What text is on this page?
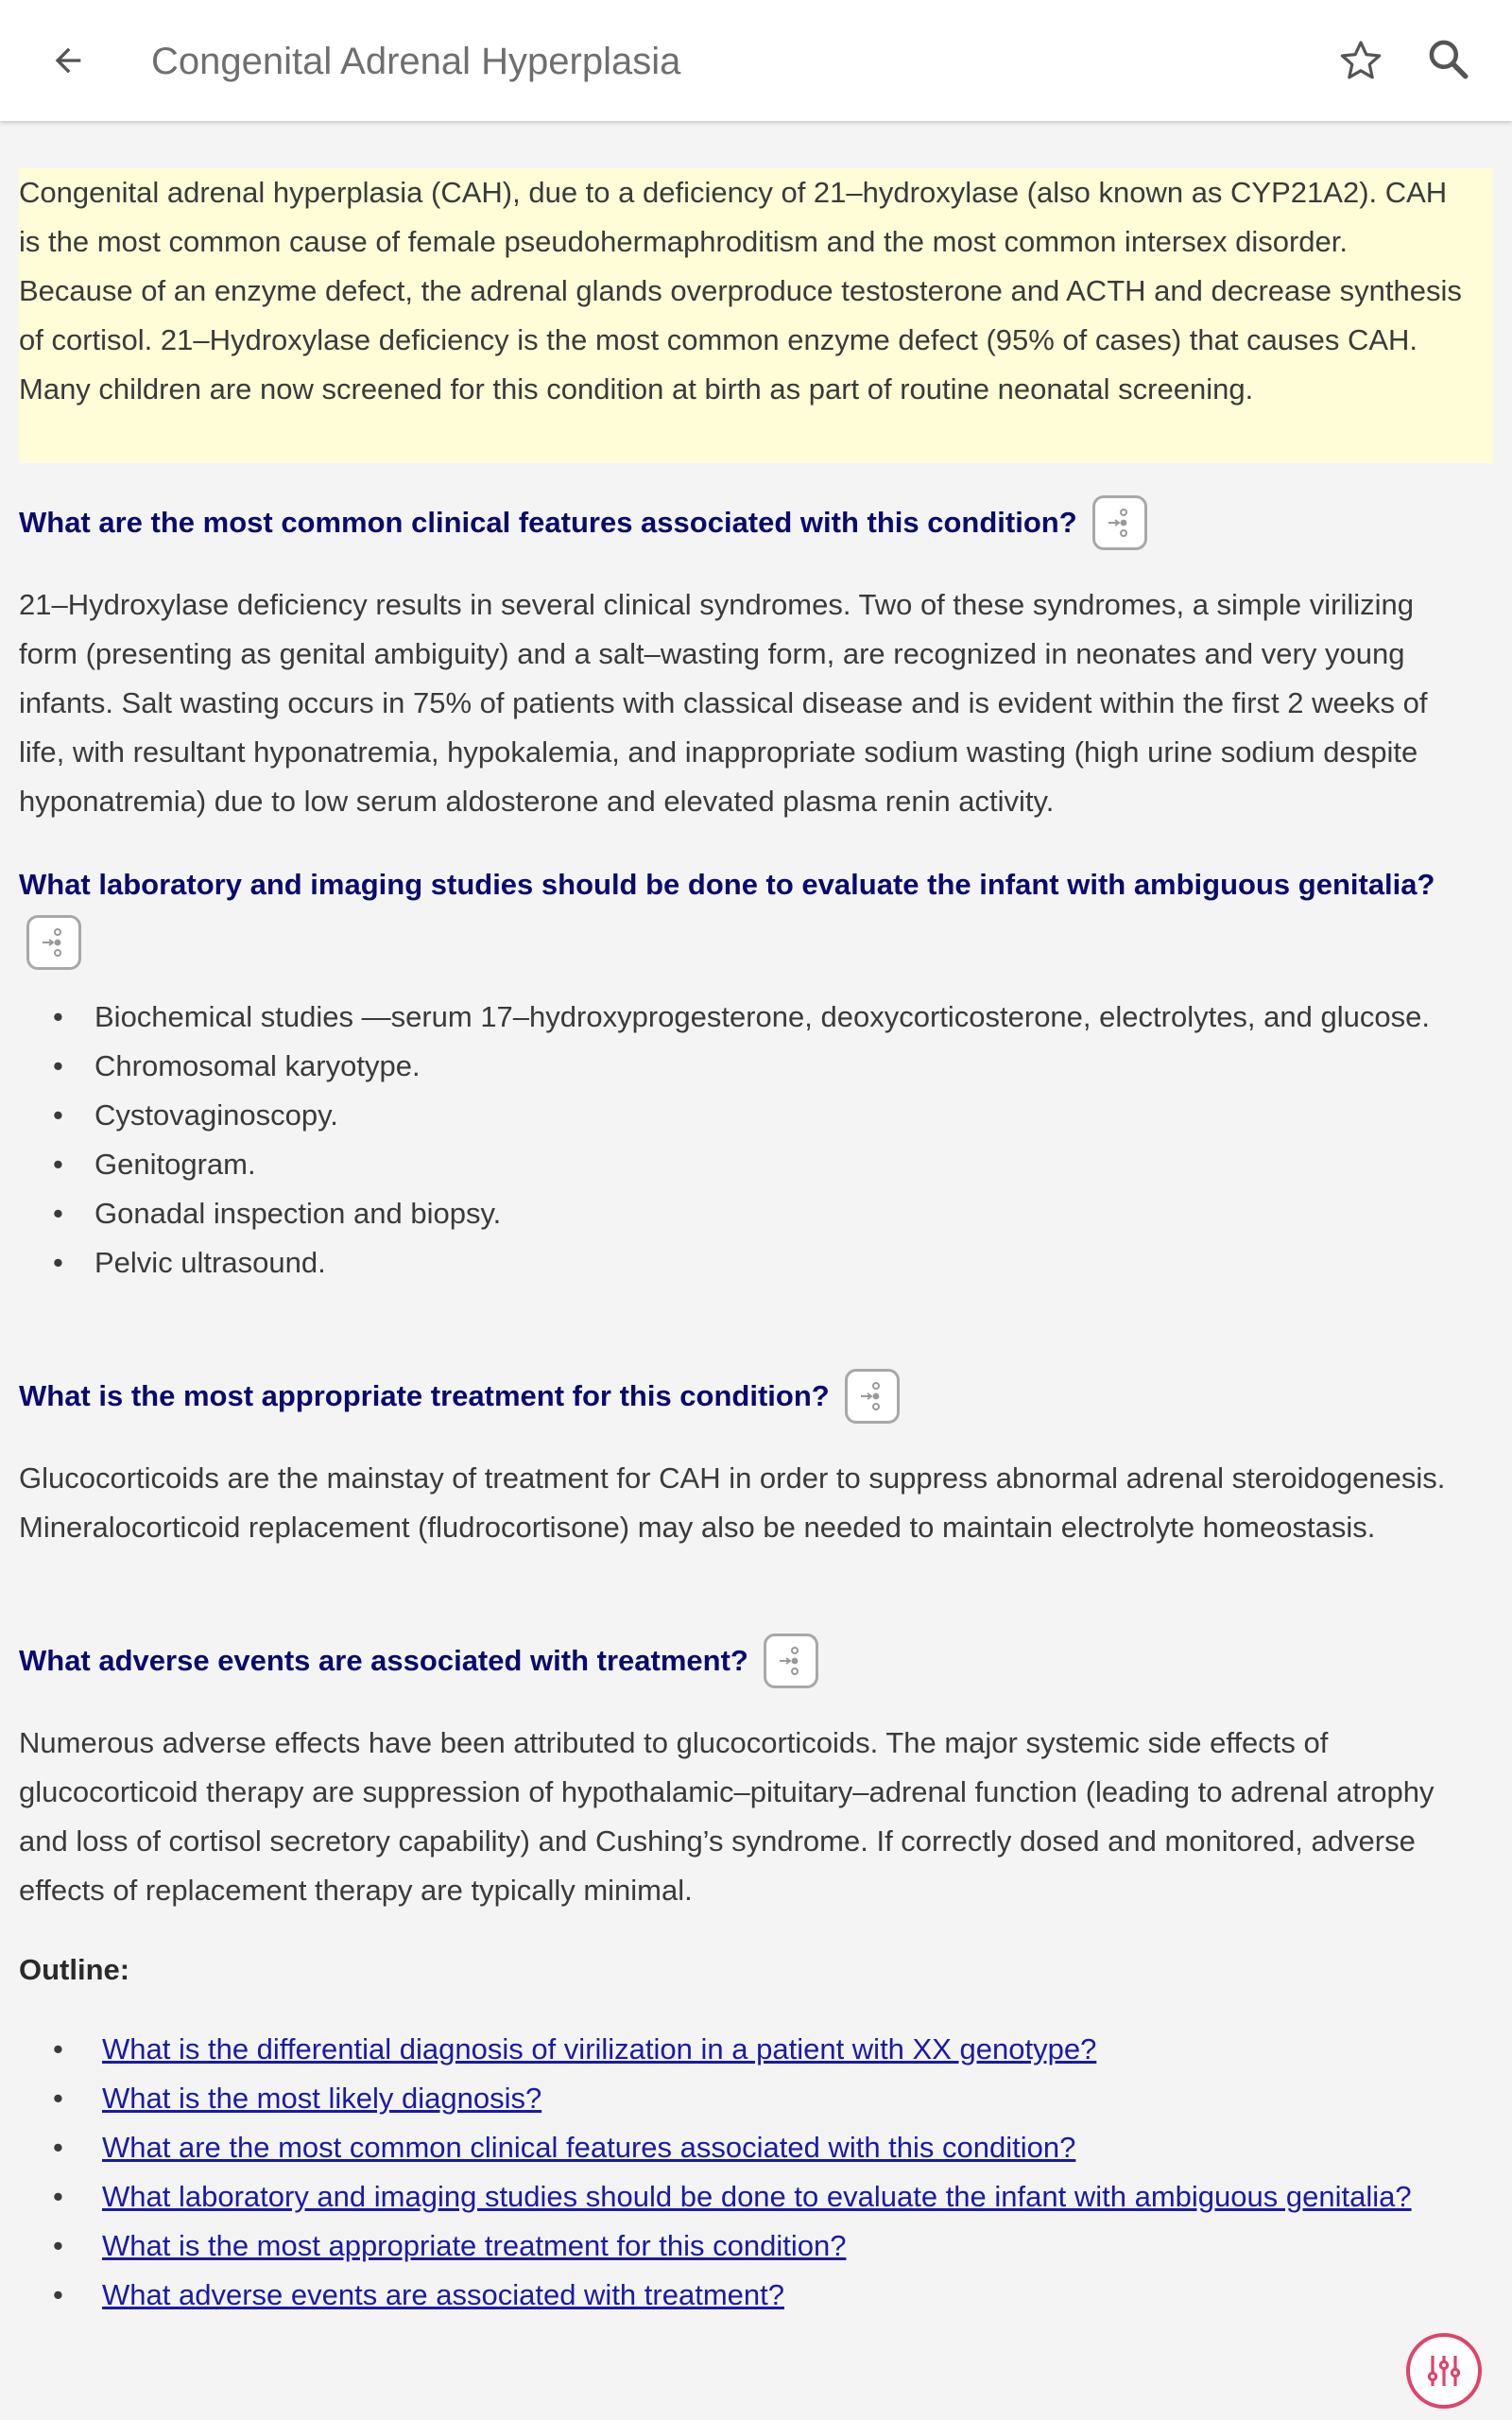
Congenital Adrenal Hyperplasia

Congenital adrenal hyperplasia (CAH), due to a deficiency of 21–hydroxylase (also known as CYP21A2). CAH is the most common cause of female pseudohermaphroditism and the most common intersex disorder. Because of an enzyme defect, the adrenal glands overproduce testosterone and ACTH and decrease synthesis of cortisol. 21–Hydroxylase deficiency is the most common enzyme defect (95% of cases) that causes CAH. Many children are now screened for this condition at birth as part of routine neonatal screening.

What are the most common clinical features associated with this condition?
21–Hydroxylase deficiency results in several clinical syndromes. Two of these syndromes, a simple virilizing form (presenting as genital ambiguity) and a salt–wasting form, are recognized in neonates and very young infants. Salt wasting occurs in 75% of patients with classical disease and is evident within the first 2 weeks of life, with resultant hyponatremia, hypokalemia, and inappropriate sodium wasting (high urine sodium despite hyponatremia) due to low serum aldosterone and elevated plasma renin activity.
What laboratory and imaging studies should be done to evaluate the infant with ambiguous genitalia?

• Biochemical studies —serum 17–hydroxyprogesterone, deoxycorticosterone, electrolytes, and glucose.
• Chromosomal karyotype.
• Cystovaginoscopy.
• Genitogram.
• Gonadal inspection and biopsy.
• Pelvic ultrasound.
What is the most appropriate treatment for this condition?
Glucocorticoids are the mainstay of treatment for CAH in order to suppress abnormal adrenal steroidogenesis. Mineralocorticoid replacement (fludrocortisone) may also be needed to maintain electrolyte homeostasis.
What adverse events are associated with treatment?
Numerous adverse effects have been attributed to glucocorticoids. The major systemic side effects of glucocorticoid therapy are suppression of hypothalamic–pituitary–adrenal function (leading to adrenal atrophy and loss of cortisol secretory capability) and Cushing’s syndrome. If correctly dosed and monitored, adverse effects of replacement therapy are typically minimal.
Outline:
• What is the differential diagnosis of virilization in a patient with XX genotype?
• What is the most likely diagnosis?
• What are the most common clinical features associated with this condition?
• What laboratory and imaging studies should be done to evaluate the infant with ambiguous genitalia?
• What is the most appropriate treatment for this condition?
• What adverse events are associated with treatment?
